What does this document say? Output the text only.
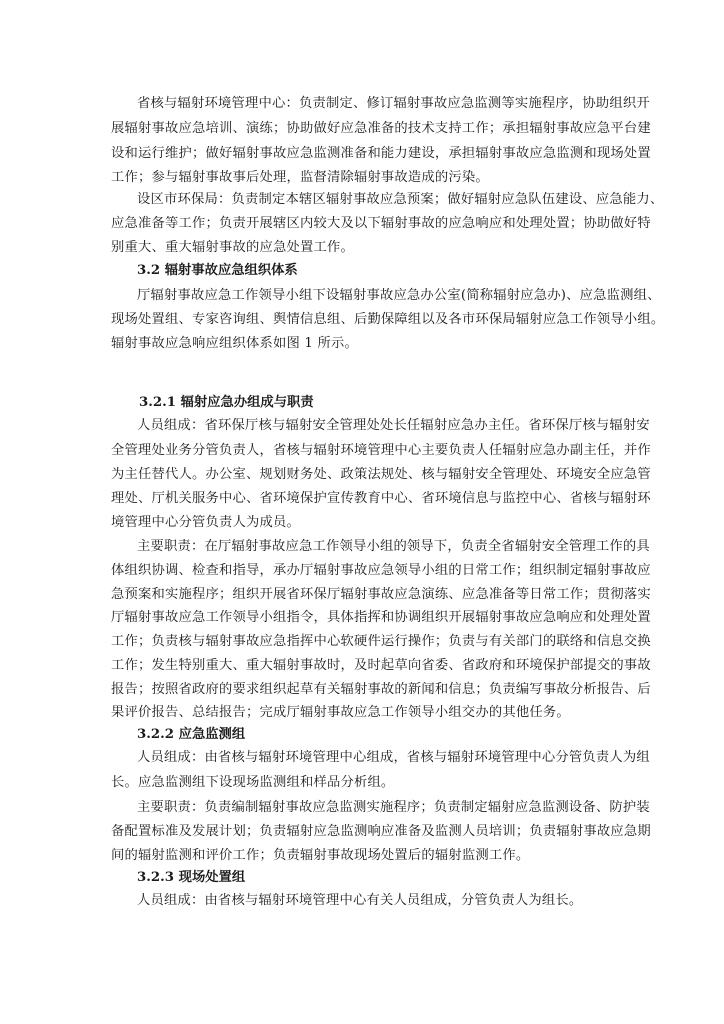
省核与辐射环境管理中心：负责制定、修订辐射事故应急监测等实施程序，协助组织开
展辐射事故应急培训、演练；协助做好应急准备的技术支持工作；承担辐射事故应急平台建
设和运行维护；做好辐射事故应急监测准备和能力建设，承担辐射事故应急监测和现场处置
工作；参与辐射事故事后处理，监督清除辐射事故造成的污染。
设区市环保局：负责制定本辖区辐射事故应急预案；做好辐射应急队伍建设、应急能力、
应急准备等工作；负责开展辖区内较大及以下辐射事故的应急响应和处理处置；协助做好特
别重大、重大辐射事故的应急处置工作。
3.2 辐射事故应急组织体系
厅辐射事故应急工作领导小组下设辐射事故应急办公室(简称辐射应急办)、应急监测组、
现场处置组、专家咨询组、舆情信息组、后勤保障组以及各市环保局辐射应急工作领导小组。
辐射事故应急响应组织体系如图 1 所示。
3.2.1 辐射应急办组成与职责
人员组成：省环保厅核与辐射安全管理处处长任辐射应急办主任。省环保厅核与辐射安
全管理处业务分管负责人，省核与辐射环境管理中心主要负责人任辐射应急办副主任，并作
为主任替代人。办公室、规划财务处、政策法规处、核与辐射安全管理处、环境安全应急管
理处、厅机关服务中心、省环境保护宣传教育中心、省环境信息与监控中心、省核与辐射环
境管理中心分管负责人为成员。
主要职责：在厅辐射事故应急工作领导小组的领导下，负责全省辐射安全管理工作的具
体组织协调、检查和指导，承办厅辐射事故应急领导小组的日常工作；组织制定辐射事故应
急预案和实施程序；组织开展省环保厅辐射事故应急演练、应急准备等日常工作；贯彻落实
厅辐射事故应急工作领导小组指令，具体指挥和协调组织开展辐射事故应急响应和处理处置
工作；负责核与辐射事故应急指挥中心软硬件运行操作；负责与有关部门的联络和信息交换
工作；发生特别重大、重大辐射事故时，及时起草向省委、省政府和环境保护部提交的事故
报告；按照省政府的要求组织起草有关辐射事故的新闻和信息；负责编写事故分析报告、后
果评价报告、总结报告；完成厅辐射事故应急工作领导小组交办的其他任务。
3.2.2 应急监测组
人员组成：由省核与辐射环境管理中心组成，省核与辐射环境管理中心分管负责人为组
长。应急监测组下设现场监测组和样品分析组。
主要职责：负责编制辐射事故应急监测实施程序；负责制定辐射应急监测设备、防护装
备配置标准及发展计划；负责辐射应急监测响应准备及监测人员培训；负责辐射事故应急期
间的辐射监测和评价工作；负责辐射事故现场处置后的辐射监测工作。
3.2.3 现场处置组
人员组成：由省核与辐射环境管理中心有关人员组成，分管负责人为组长。
